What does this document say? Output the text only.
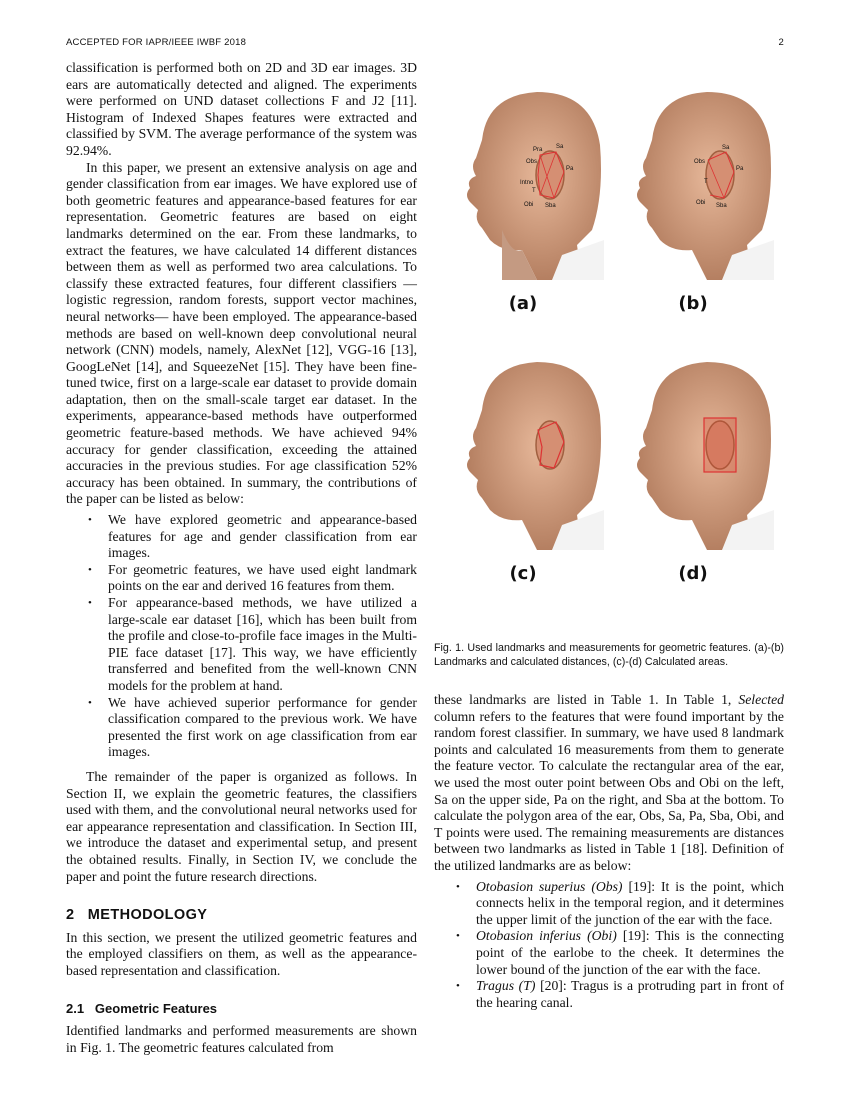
ACCEPTED FOR IAPR/IEEE IWBF 2018	2

classification is performed both on 2D and 3D ear images. 3D ears are automatically detected and aligned. The experiments were performed on UND dataset collections F and J2 [11]. Histogram of Indexed Shapes features were extracted and classified by SVM. The average performance of the system was 92.94%.

In this paper, we present an extensive analysis on age and gender classification from ear images. We have explored use of both geometric features and appearance-based features for ear representation. Geometric features are based on eight landmarks determined on the ear. From these landmarks, to extract the features, we have calculated 14 different distances between them as well as performed two area calculations. To classify these extracted features, four different classifiers —logistic regression, random forests, support vector machines, neural networks— have been employed. The appearance-based methods are based on well-known deep convolutional neural network (CNN) models, namely, AlexNet [12], VGG-16 [13], GoogLeNet [14], and SqueezeNet [15]. They have been fine-tuned twice, first on a large-scale ear dataset to provide domain adaptation, then on the small-scale target ear dataset. In the experiments, appearance-based methods have outperformed geometric feature-based methods. We have achieved 94% accuracy for gender classification, exceeding the attained accuracies in the previous studies. For age classification 52% accuracy has been obtained. In summary, the contributions of the paper can be listed as below:

• We have explored geometric and appearance-based features for age and gender classification from ear images.
• For geometric features, we have used eight landmark points on the ear and derived 16 features from them.
• For appearance-based methods, we have utilized a large-scale ear dataset [16], which has been built from the profile and close-to-profile face images in the Multi-PIE face dataset [17]. This way, we have efficiently transferred and benefited from the well-known CNN models for the problem at hand.
• We have achieved superior performance for gender classification compared to the previous work. We have presented the first work on age classification from ear images.

The remainder of the paper is organized as follows. In Section II, we explain the geometric features, the classifiers used with them, and the convolutional neural networks used for ear appearance representation and classification. In Section III, we introduce the dataset and experimental setup, and present the obtained results. Finally, in Section IV, we conclude the paper and point the future research directions.

2 METHODOLOGY

In this section, we present the utilized geometric features and the employed classifiers on them, as well as the appearance-based representation and classification.

2.1 Geometric Features

Identified landmarks and performed measurements are shown in Fig. 1. The geometric features calculated from

Pra Sa
Obs
Pa
Intno
T
Obi Sba
(a)
Sa
Obs
Pa
T
Obi Sba
(b)
(c)	(d)
Fig. 1. Used landmarks and measurements for geometric features. (a)-(b) Landmarks and calculated distances, (c)-(d) Calculated areas.

these landmarks are listed in Table 1. In Table 1, Selected column refers to the features that were found important by the random forest classifier. In summary, we have used 8 landmark points and calculated 16 measurements from them to generate the feature vector. To calculate the rectangular area of the ear, we used the most outer point between Obs and Obi on the left, Sa on the upper side, Pa on the right, and Sba at the bottom. To calculate the polygon area of the ear, Obs, Sa, Pa, Sba, Obi, and T points were used. The remaining measurements are distances between two landmarks as listed in Table 1 [18]. Definition of the utilized landmarks are as below:

• Otobasion superius (Obs) [19]: It is the point, which connects helix in the temporal region, and it determines the upper limit of the junction of the ear with the face.
• Otobasion inferius (Obi) [19]: This is the connecting point of the earlobe to the cheek. It determines the lower bound of the junction of the ear with the face.
• Tragus (T) [20]: Tragus is a protruding part in front of the hearing canal.
